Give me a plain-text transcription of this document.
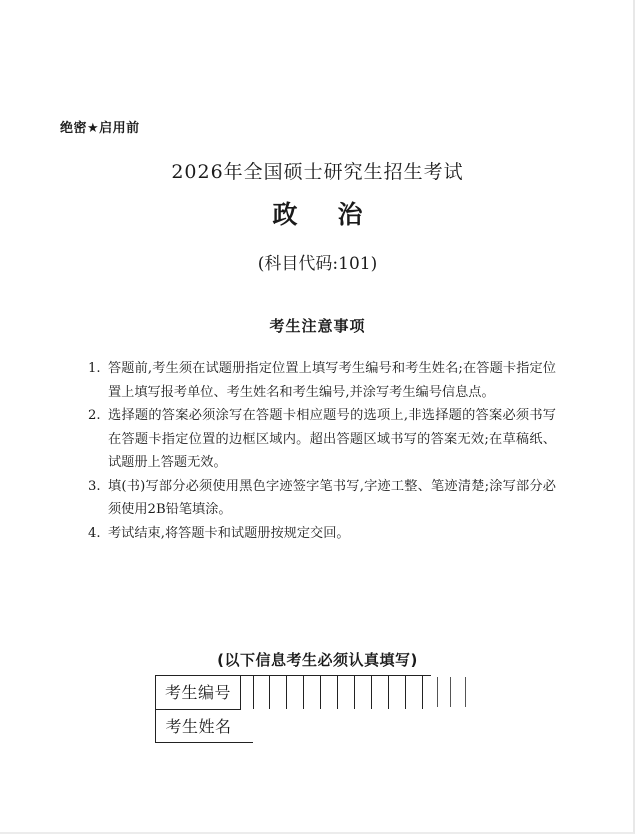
绝密★启用前
2026年全国硕士研究生招生考试
政治
(科目代码:101)
考生注意事项
1. 答题前,考生须在试题册指定位置上填写考生编号和考生姓名;在答题卡指定位置上填写报考单位、考生姓名和考生编号,并涂写考生编号信息点。
2. 选择题的答案必须涂写在答题卡相应题号的选项上,非选择题的答案必须书写在答题卡指定位置的边框区域内。超出答题区域书写的答案无效;在草稿纸、试题册上答题无效。
3. 填(书)写部分必须使用黑色字迹签字笔书写,字迹工整、笔迹清楚;涂写部分必须使用2B铅笔填涂。
4. 考试结束,将答题卡和试题册按规定交回。
(以下信息考生必须认真填写)
考生编号
考生姓名
